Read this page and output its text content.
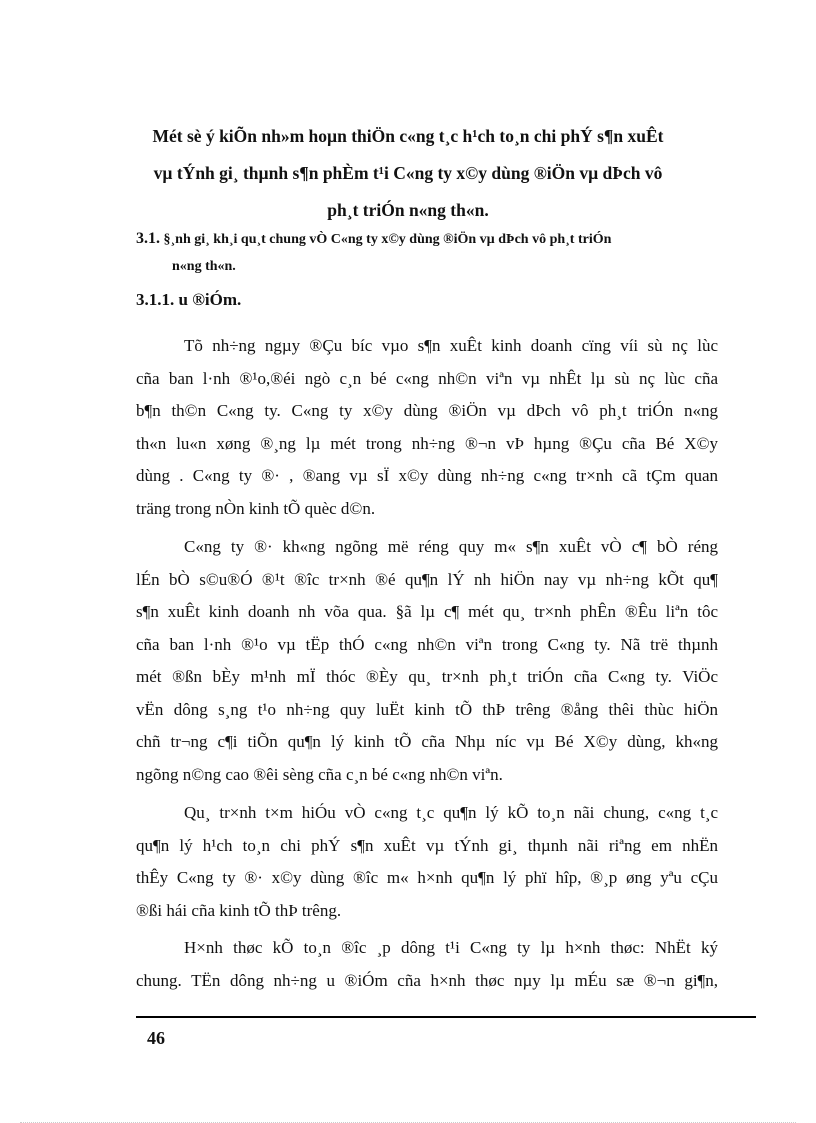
Mét sè ý kiÕn nh»m hoµn thiÖn c«ng t¸c h¹ch to¸n chi phÝ s¶n xuÊt
vµ tÝnh gi¸ thµnh s¶n phÈm t¹i C«ng ty x©y dùng ®iÖn vµ dÞch vô
ph¸t triÓn n«ng th«n.
3.1. §¸nh gi¸ kh¸i qu¸t chung vÒ C«ng ty x©y dùng ®iÖn vµ dÞch vô ph¸t triÓn
n«ng th«n.
3.1.1. u ®iÓm.
Tõ nh÷ng ngµy ®Çu bíc vµo s¶n xuÊt kinh doanh cïng víi sù nç lùc
cña ban l·nh ®¹o,®éi ngò c¸n bé c«ng nh©n viªn vµ nhÊt lµ sù nç lùc cña
b¶n th©n C«ng ty. C«ng ty x©y dùng ®iÖn vµ dÞch vô ph¸t triÓn n«ng
th«n lu«n xøng ®¸ng lµ mét trong nh÷ng ®¬n vÞ hµng ®Çu cña Bé X©y
dùng . C«ng ty ®· , ®ang vµ sÏ x©y dùng nh÷ng c«ng tr×nh cã tÇm quan
träng trong nÒn kinh tÕ quèc d©n.
C«ng ty ®· kh«ng ngõng më réng quy m« s¶n xuÊt vÒ c¶ bÒ réng
lÉn bÒ s©u®Ó ®¹t ®îc tr×nh ®é qu¶n lÝ nh hiÖn nay vµ nh÷ng kÕt qu¶
s¶n xuÊt kinh doanh nh võa qua. §ã lµ c¶ mét qu¸ tr×nh phÊn ®Êu liªn tôc
cña ban l·nh ®¹o vµ tËp thÓ c«ng nh©n viªn trong C«ng ty. Nã trë thµnh
mét ®ßn bÈy m¹nh mÏ thóc ®Èy qu¸ tr×nh ph¸t triÓn cña C«ng ty. ViÖc
vËn dông s¸ng t¹o nh÷ng quy luËt kinh tÕ thÞ trêng ®ång thêi thùc hiÖn
chñ tr¬ng c¶i tiÕn qu¶n lý kinh tÕ cña Nhµ níc vµ Bé X©y dùng, kh«ng
ngõng n©ng cao ®êi sèng cña c¸n bé c«ng nh©n viªn.
Qu¸ tr×nh t×m hiÓu vÒ c«ng t¸c qu¶n lý kÕ to¸n nãi chung, c«ng t¸c
qu¶n lý h¹ch to¸n chi phÝ s¶n xuÊt vµ tÝnh gi¸ thµnh nãi riªng em nhËn
thÊy C«ng ty ®· x©y dùng ®îc m« h×nh qu¶n lý phï hîp, ®¸p øng yªu cÇu
®ßi hái cña kinh tÕ thÞ trêng.
H×nh thøc kÕ to¸n ®îc ¸p dông t¹i C«ng ty lµ h×nh thøc: NhËt ký
chung. TËn dông nh÷ng u ®iÓm cña h×nh thøc nµy lµ mÉu sæ ®¬n gi¶n,
46
